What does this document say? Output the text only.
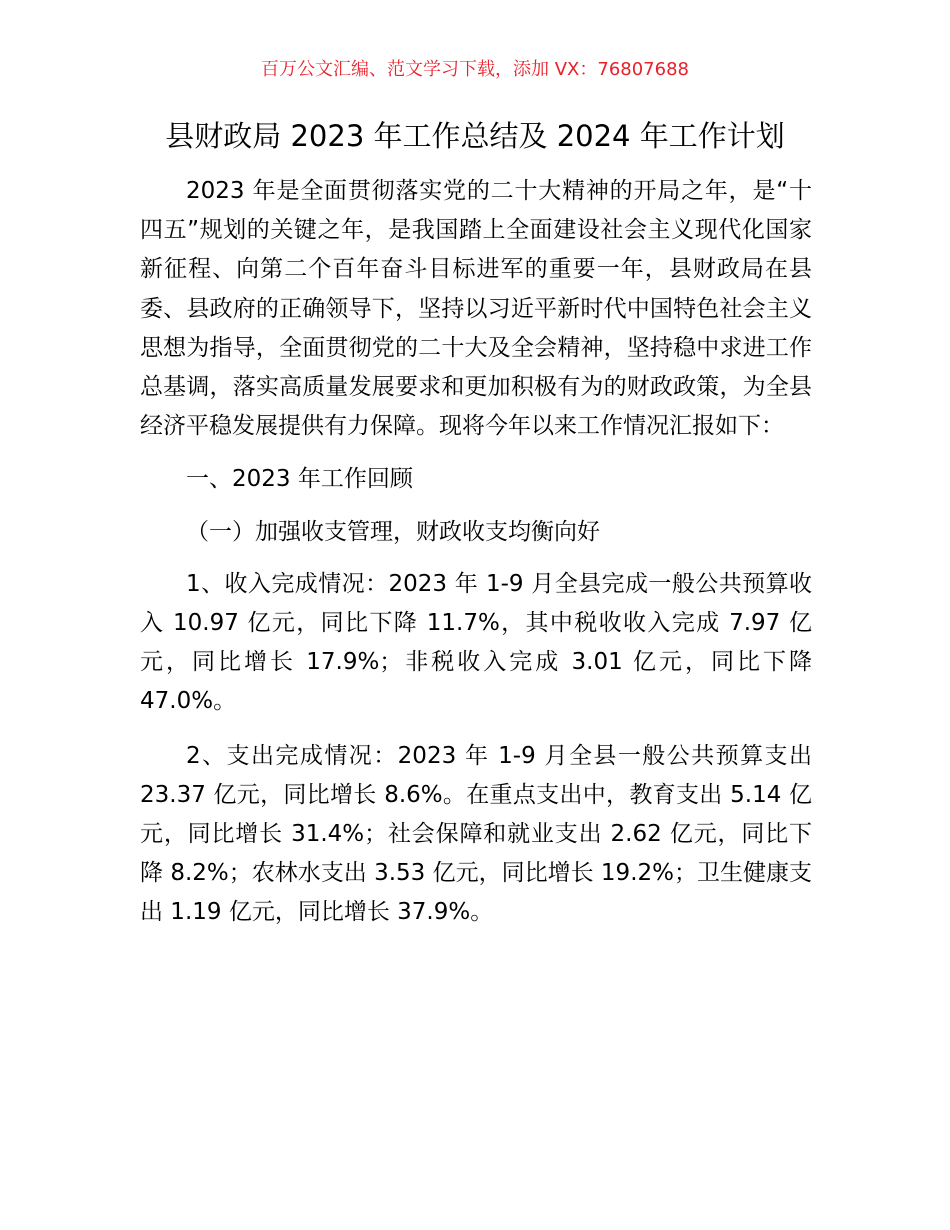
百万公文汇编、范文学习下载，添加 VX：76807688
县财政局 2023 年工作总结及 2024 年工作计划

2023 年是全面贯彻落实党的二十大精神的开局之年，是“十四五”规划的关键之年，是我国踏上全面建设社会主义现代化国家新征程、向第二个百年奋斗目标进军的重要一年，县财政局在县委、县政府的正确领导下，坚持以习近平新时代中国特色社会主义思想为指导，全面贯彻党的二十大及全会精神，坚持稳中求进工作总基调，落实高质量发展要求和更加积极有为的财政政策，为全县经济平稳发展提供有力保障。现将今年以来工作情况汇报如下：

一、2023 年工作回顾

（一）加强收支管理，财政收支均衡向好

1、收入完成情况：2023 年 1-9 月全县完成一般公共预算收入 10.97 亿元，同比下降 11.7%，其中税收收入完成 7.97 亿元，同比增长 17.9%；非税收入完成 3.01 亿元，同比下降 47.0%。

2、支出完成情况：2023 年 1-9 月全县一般公共预算支出 23.37 亿元，同比增长 8.6%。在重点支出中，教育支出 5.14 亿元，同比增长 31.4%；社会保障和就业支出 2.62 亿元，同比下降 8.2%；农林水支出 3.53 亿元，同比增长 19.2%；卫生健康支出 1.19 亿元，同比增长 37.9%。
